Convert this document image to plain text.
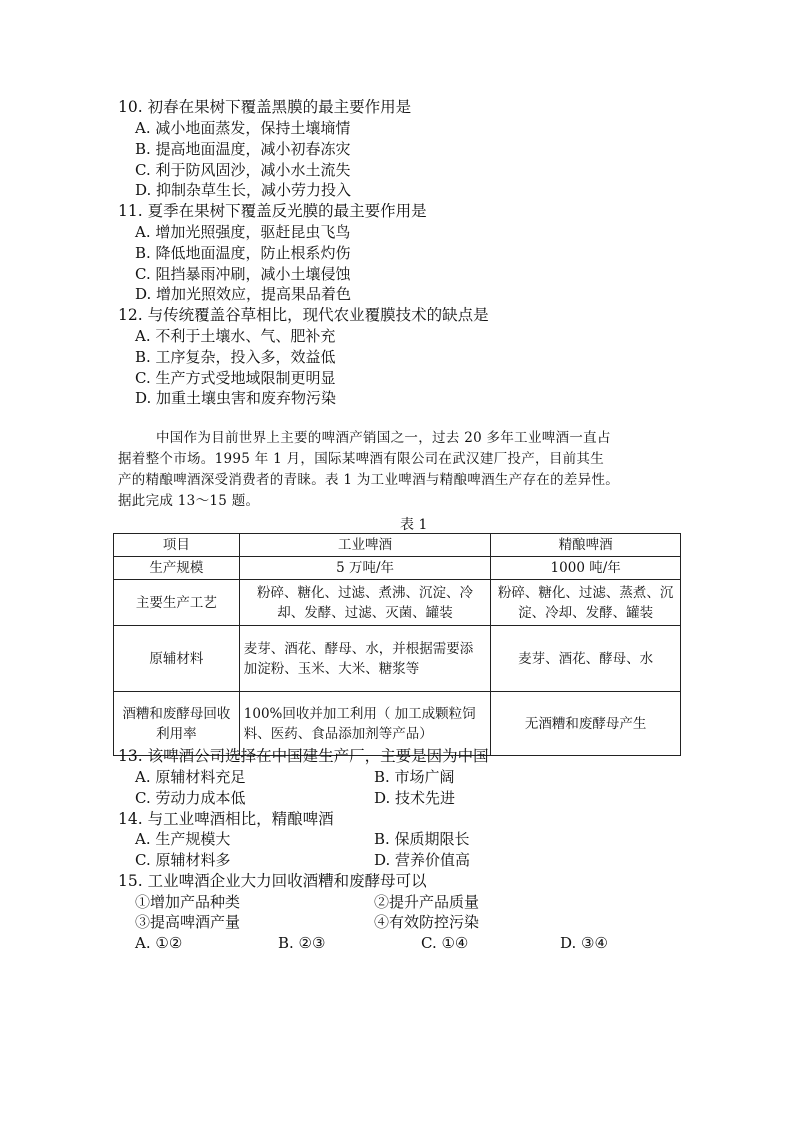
10. 初春在果树下覆盖黑膜的最主要作用是
A. 减小地面蒸发，保持土壤墒情
B. 提高地面温度，减小初春冻灾
C. 利于防风固沙，减小水土流失
D. 抑制杂草生长，减小劳力投入
11. 夏季在果树下覆盖反光膜的最主要作用是
A. 增加光照强度，驱赶昆虫飞鸟
B. 降低地面温度，防止根系灼伤
C. 阻挡暴雨冲刷，减小土壤侵蚀
D. 增加光照效应，提高果品着色
12. 与传统覆盖谷草相比，现代农业覆膜技术的缺点是
A. 不利于土壤水、气、肥补充
B. 工序复杂，投入多，效益低
C. 生产方式受地域限制更明显
D. 加重土壤虫害和废弃物污染
中国作为目前世界上主要的啤酒产销国之一，过去 20 多年工业啤酒一直占
据着整个市场。1995 年 1 月，国际某啤酒有限公司在武汉建厂投产，目前其生
产的精酿啤酒深受消费者的青睐。表 1 为工业啤酒与精酿啤酒生产存在的差异性。
据此完成 13～15 题。
表 1
项目	工业啤酒	精酿啤酒
生产规模	5 万吨/年	1000 吨/年
主要生产工艺	粉碎、糖化、过滤、煮沸、沉淀、冷却、发酵、过滤、灭菌、罐装	粉碎、糖化、过滤、蒸煮、沉淀、冷却、发酵、罐装
原辅材料	麦芽、酒花、酵母、水，并根据需要添加淀粉、玉米、大米、糖浆等	麦芽、酒花、酵母、水
酒糟和废酵母回收利用率	100%回收并加工利用（ 加工成颗粒饲料、医药、食品添加剂等产品）	无酒糟和废酵母产生
13. 该啤酒公司选择在中国建生产厂，主要是因为中国
A. 原辅材料充足	B. 市场广阔
C. 劳动力成本低	D. 技术先进
14. 与工业啤酒相比，精酿啤酒
A. 生产规模大	B. 保质期限长
C. 原辅材料多	D. 营养价值高
15. 工业啤酒企业大力回收酒糟和废酵母可以
①增加产品种类	②提升产品质量
③提高啤酒产量	④有效防控污染
A. ①②	B. ②③	C. ①④	D. ③④
